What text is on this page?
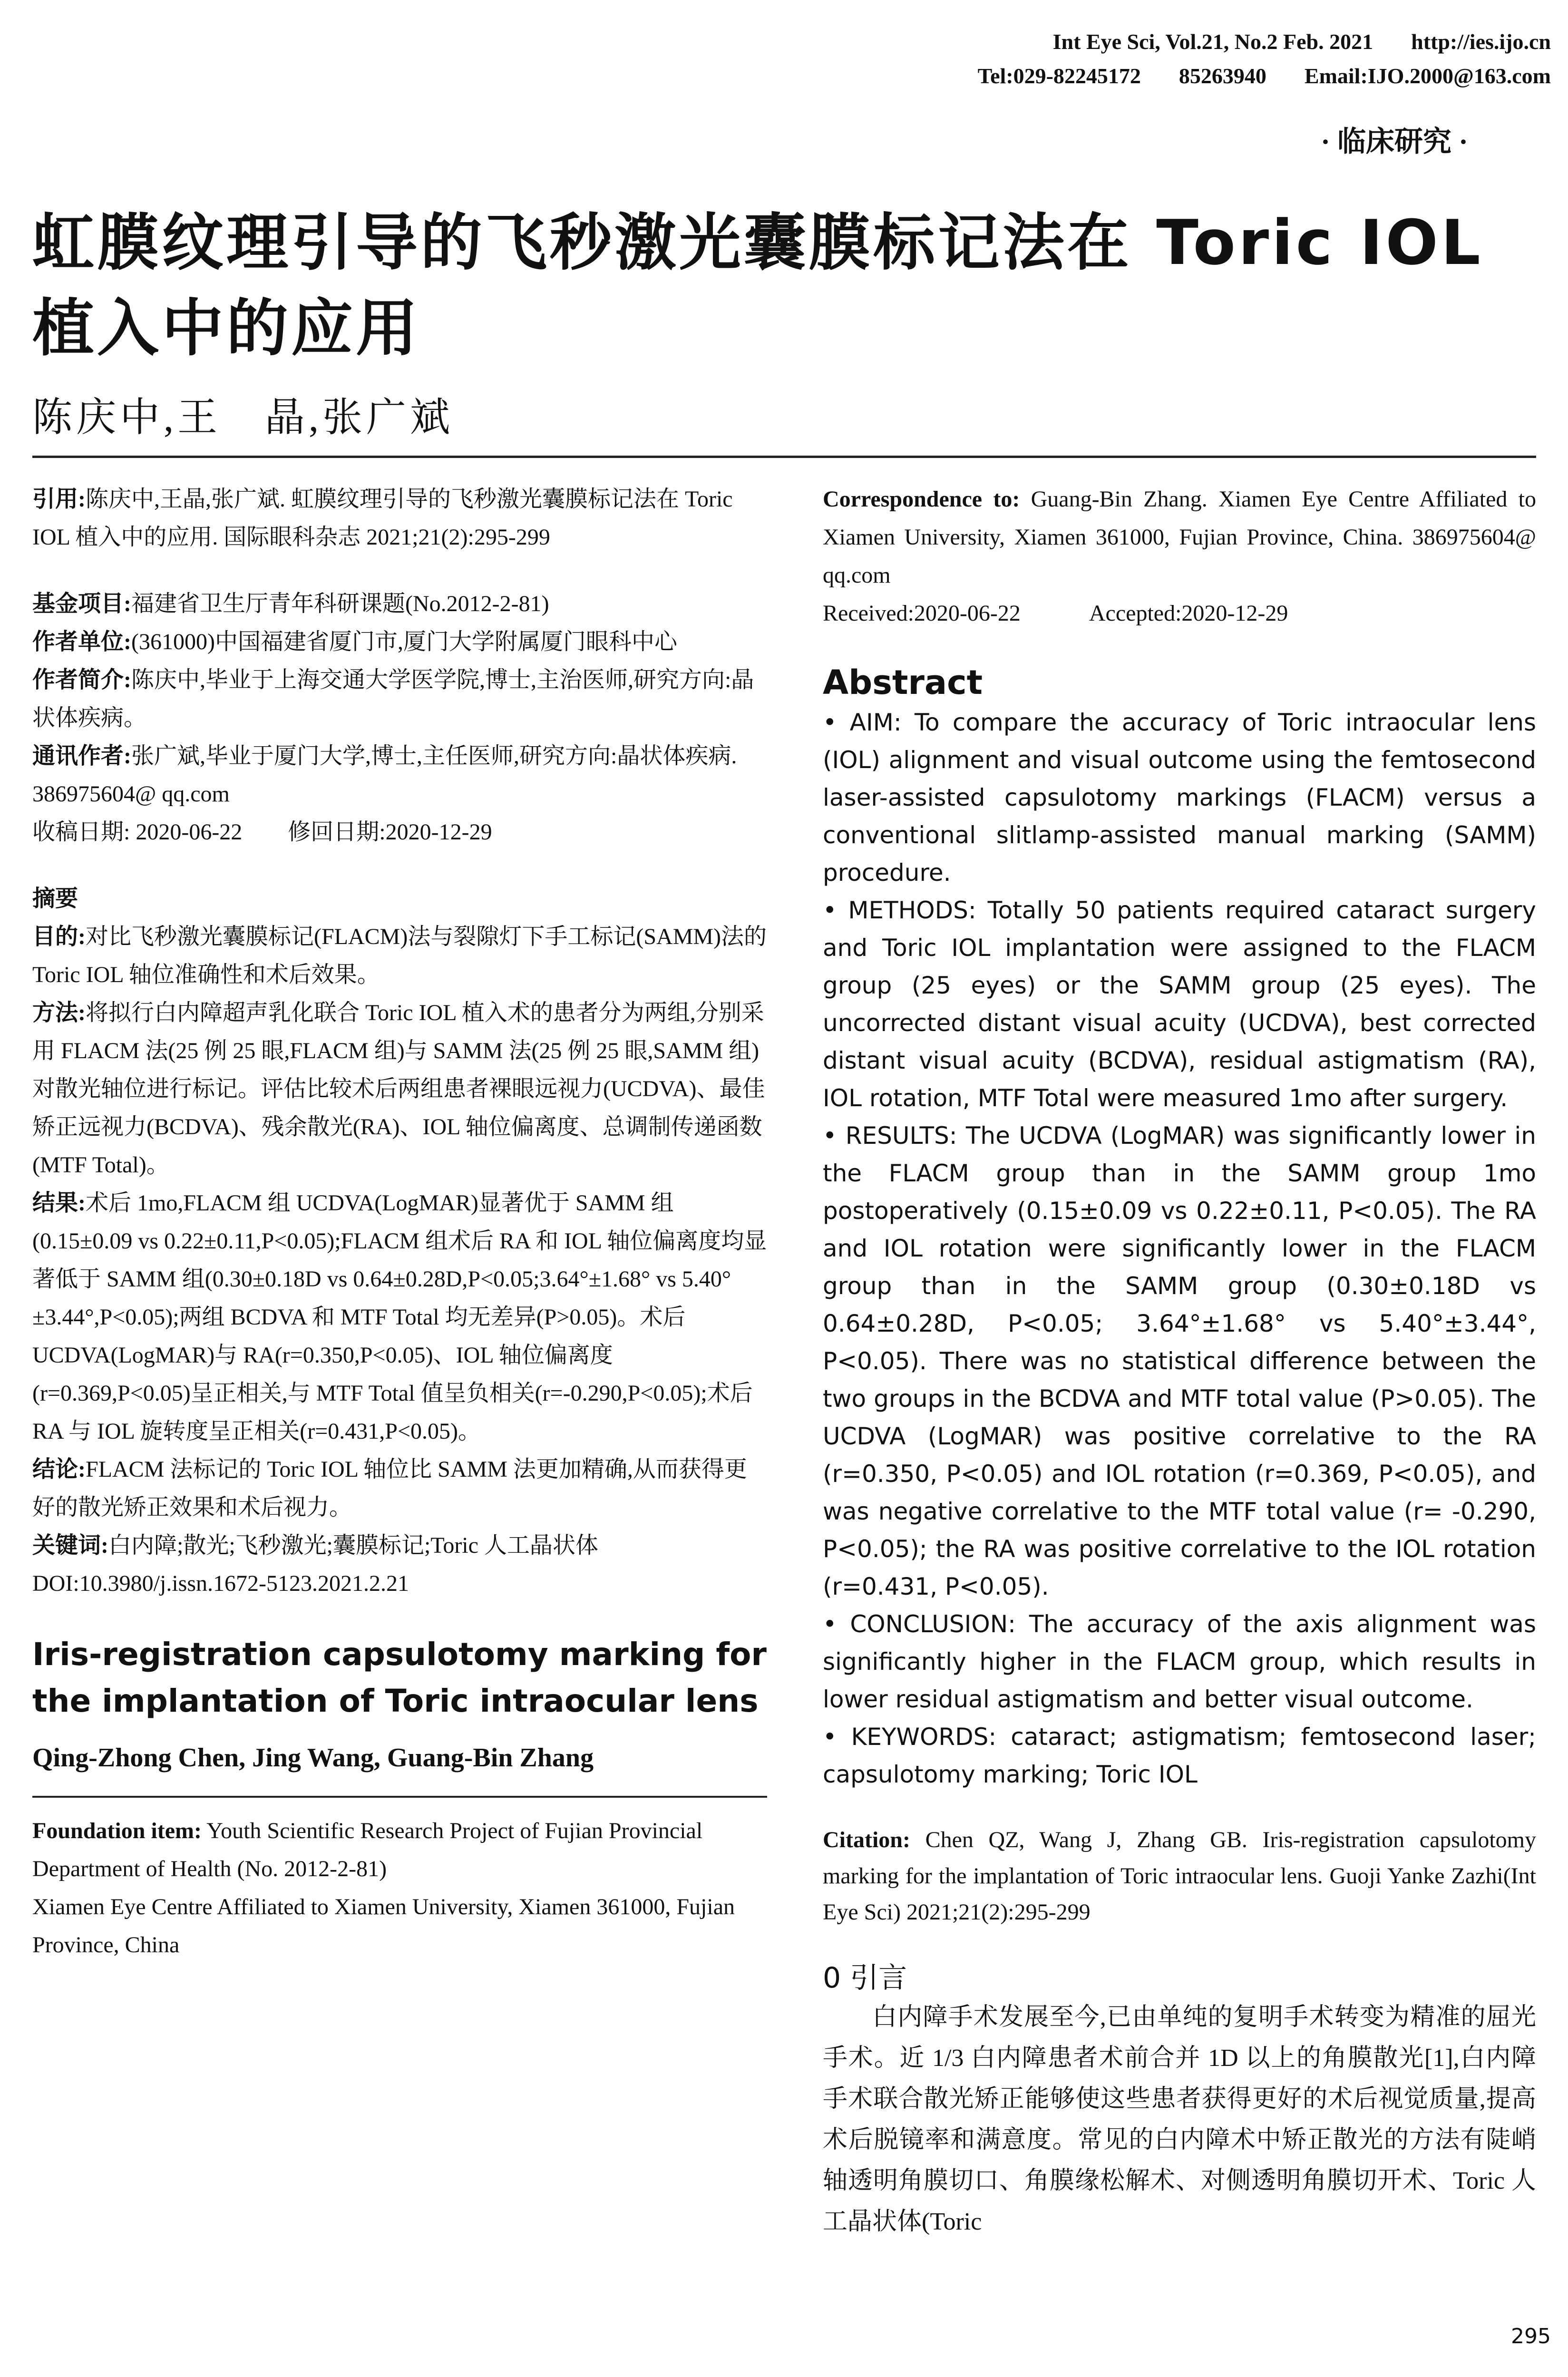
Int Eye Sci, Vol.21, No.2 Feb. 2021 http://ies.ijo.cn
Tel:029-82245172 85263940 Email:IJO.2000@163.com
· 临床研究 ·
虹膜纹理引导的飞秒激光囊膜标记法在 Toric IOL 植入中的应用
陈庆中,王　晶,张广斌

引用:陈庆中,王晶,张广斌. 虹膜纹理引导的飞秒激光囊膜标记法在 Toric IOL 植入中的应用. 国际眼科杂志 2021;21(2):295-299

基金项目:福建省卫生厅青年科研课题(No.2012-2-81)

作者单位:(361000)中国福建省厦门市,厦门大学附属厦门眼科中心

作者简介:陈庆中,毕业于上海交通大学医学院,博士,主治医师,研究方向:晶状体疾病。

通讯作者:张广斌,毕业于厦门大学,博士,主任医师,研究方向:晶状体疾病. 386975604@ qq.com

收稿日期: 2020-06-22　　修回日期:2020-12-29

摘要

目的:对比飞秒激光囊膜标记(FLACM)法与裂隙灯下手工标记(SAMM)法的 Toric IOL 轴位准确性和术后效果。

方法:将拟行白内障超声乳化联合 Toric IOL 植入术的患者分为两组,分别采用 FLACM 法(25 例 25 眼,FLACM 组)与 SAMM 法(25 例 25 眼,SAMM 组)对散光轴位进行标记。评估比较术后两组患者裸眼远视力(UCDVA)、最佳矫正远视力(BCDVA)、残余散光(RA)、IOL 轴位偏离度、总调制传递函数(MTF Total)。

结果:术后 1mo,FLACM 组 UCDVA(LogMAR)显著优于 SAMM 组(0.15±0.09 vs 0.22±0.11,P<0.05);FLACM 组术后 RA 和 IOL 轴位偏离度均显著低于 SAMM 组(0.30±0.18D vs 0.64±0.28D,P<0.05;3.64°±1.68° vs 5.40°±3.44°,P<0.05);两组 BCDVA 和 MTF Total 均无差异(P>0.05)。术后 UCDVA(LogMAR)与 RA(r=0.350,P<0.05)、IOL 轴位偏离度(r=0.369,P<0.05)呈正相关,与 MTF Total 值呈负相关(r=-0.290,P<0.05);术后 RA 与 IOL 旋转度呈正相关(r=0.431,P<0.05)。

结论:FLACM 法标记的 Toric IOL 轴位比 SAMM 法更加精确,从而获得更好的散光矫正效果和术后视力。

关键词:白内障;散光;飞秒激光;囊膜标记;Toric 人工晶状体

DOI:10.3980/j.issn.1672-5123.2021.2.21

Iris-registration capsulotomy marking for the implantation of Toric intraocular lens

Qing-Zhong Chen, Jing Wang, Guang-Bin Zhang

Foundation item: Youth Scientific Research Project of Fujian Provincial Department of Health (No. 2012-2-81)

Xiamen Eye Centre Affiliated to Xiamen University, Xiamen 361000, Fujian Province, China

Correspondence to: Guang-Bin Zhang. Xiamen Eye Centre Affiliated to Xiamen University, Xiamen 361000, Fujian Province, China. 386975604@ qq.com

Received:2020-06-22　　　Accepted:2020-12-29

Abstract

• AIM: To compare the accuracy of Toric intraocular lens (IOL) alignment and visual outcome using the femtosecond laser-assisted capsulotomy markings (FLACM) versus a conventional slitlamp-assisted manual marking (SAMM) procedure.

• METHODS: Totally 50 patients required cataract surgery and Toric IOL implantation were assigned to the FLACM group (25 eyes) or the SAMM group (25 eyes). The uncorrected distant visual acuity (UCDVA), best corrected distant visual acuity (BCDVA), residual astigmatism (RA), IOL rotation, MTF Total were measured 1mo after surgery.

• RESULTS: The UCDVA (LogMAR) was significantly lower in the FLACM group than in the SAMM group 1mo postoperatively (0.15±0.09 vs 0.22±0.11, P<0.05). The RA and IOL rotation were significantly lower in the FLACM group than in the SAMM group (0.30±0.18D vs 0.64±0.28D, P<0.05; 3.64°±1.68° vs 5.40°±3.44°, P<0.05). There was no statistical difference between the two groups in the BCDVA and MTF total value (P>0.05). The UCDVA (LogMAR) was positive correlative to the RA (r=0.350, P<0.05) and IOL rotation (r=0.369, P<0.05), and was negative correlative to the MTF total value (r= -0.290, P<0.05); the RA was positive correlative to the IOL rotation (r=0.431, P<0.05).

• CONCLUSION: The accuracy of the axis alignment was significantly higher in the FLACM group, which results in lower residual astigmatism and better visual outcome.

• KEYWORDS: cataract; astigmatism; femtosecond laser; capsulotomy marking; Toric IOL

Citation: Chen QZ, Wang J, Zhang GB. Iris-registration capsulotomy marking for the implantation of Toric intraocular lens. Guoji Yanke Zazhi(Int Eye Sci) 2021;21(2):295-299

0 引言

白内障手术发展至今,已由单纯的复明手术转变为精准的屈光手术。近 1/3 白内障患者术前合并 1D 以上的角膜散光[1],白内障手术联合散光矫正能够使这些患者获得更好的术后视觉质量,提高术后脱镜率和满意度。常见的白内障术中矫正散光的方法有陡峭轴透明角膜切口、角膜缘松解术、对侧透明角膜切开术、Toric 人工晶状体(Toric

295
